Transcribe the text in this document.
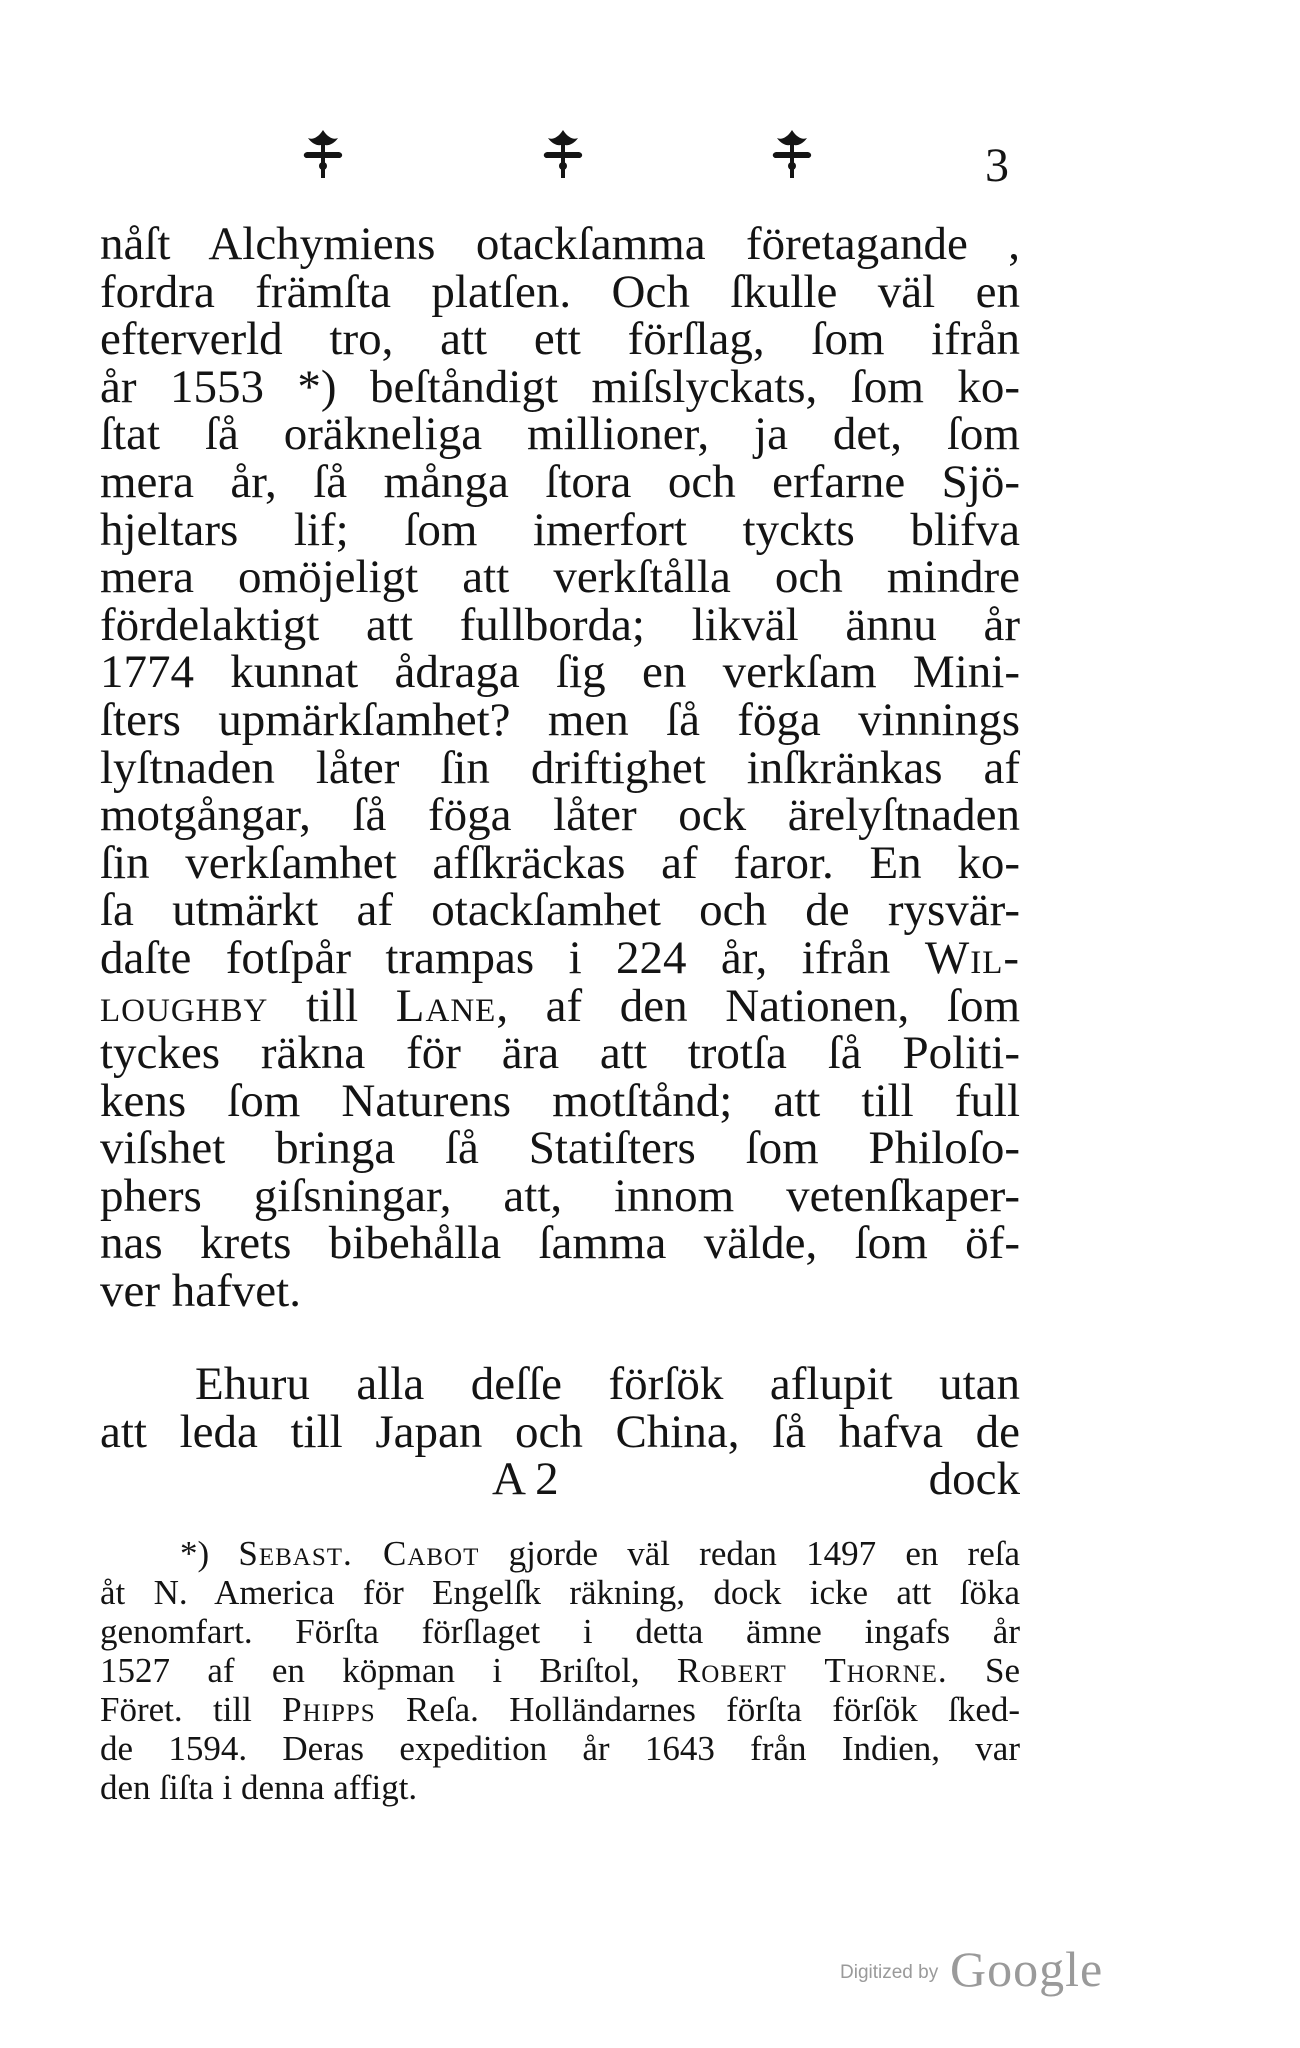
3
nåſt Alchymiens otackſamma företagande ,
fordra främſta platſen. Och ſkulle väl en
efterverld tro, att ett förſlag, ſom ifrån
år 1553 *) beſtåndigt miſslyckats, ſom ko-
ſtat ſå oräkneliga millioner, ja det, ſom
mera år, ſå många ſtora och erfarne Sjö-
hjeltars lif; ſom imerfort tyckts blifva
mera omöjeligt att verkſtålla och mindre
fördelaktigt att fullborda; likväl ännu år
1774 kunnat ådraga ſig en verkſam Mini-
ſters upmärkſamhet? men ſå föga vinnings
lyſtnaden låter ſin driftighet inſkränkas af
motgångar, ſå föga låter ock ärelyſtnaden
ſin verkſamhet afſkräckas af faror. En ko-
ſa utmärkt af otackſamhet och de rysvär-
daſte fotſpår trampas i 224 år, ifrån Wil-
loughby till Lane, af den Nationen, ſom
tyckes räkna för ära att trotſa ſå Politi-
kens ſom Naturens motſtånd; att till full
viſshet bringa ſå Statiſters ſom Philoſo-
phers giſsningar, att, innom vetenſkaper-
nas krets bibehålla ſamma välde, ſom öf-
ver hafvet.
Ehuru alla deſſe förſök aflupit utan
att leda till Japan och China, ſå hafva de
A 2	dock
*) Sebast. Cabot gjorde väl redan 1497 en reſa
åt N. America för Engelſk räkning, dock icke att ſöka
genomfart. Förſta förſlaget i detta ämne ingafs år
1527 af en köpman i Briſtol, Robert Thorne. Se
Föret. till Phipps Reſa. Holländarnes förſta förſök ſked-
de 1594. Deras expedition år 1643 från Indien, var
den ſiſta i denna affigt.
Digitized by Google
